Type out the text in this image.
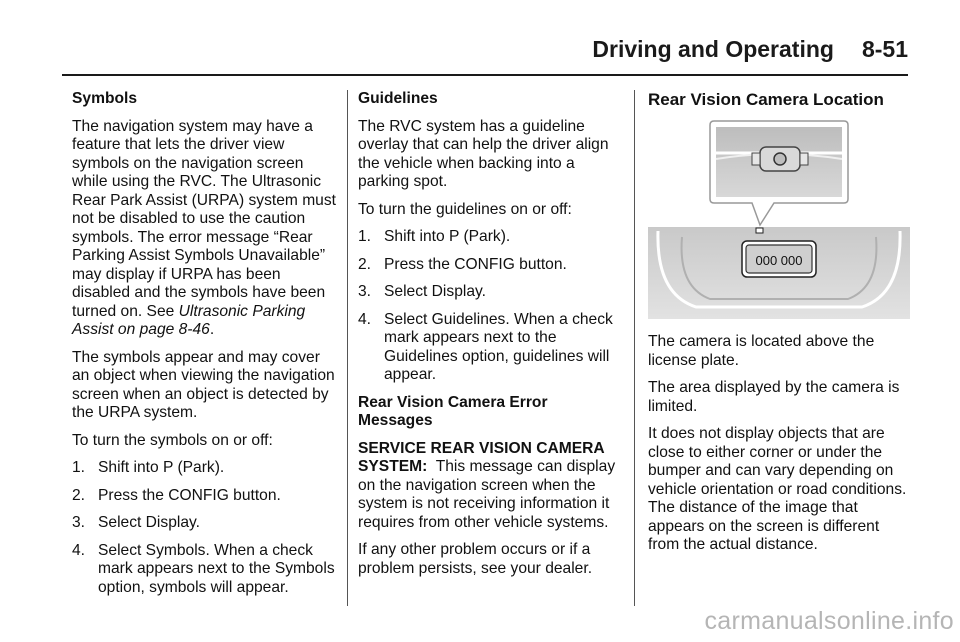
Driving and Operating 8-51

Symbols

The navigation system may have a feature that lets the driver view symbols on the navigation screen while using the RVC. The Ultrasonic Rear Park Assist (URPA) system must not be disabled to use the caution symbols. The error message “Rear Parking Assist Symbols Unavailable” may display if URPA has been disabled and the symbols have been turned on. See Ultrasonic Parking Assist on page 8-46.

The symbols appear and may cover an object when viewing the navigation screen when an object is detected by the URPA system.

To turn the symbols on or off:

1. Shift into P (Park).
2. Press the CONFIG button.
3. Select Display.
4. Select Symbols. When a check mark appears next to the Symbols option, symbols will appear.

Guidelines

The RVC system has a guideline overlay that can help the driver align the vehicle when backing into a parking spot.

To turn the guidelines on or off:

1. Shift into P (Park).
2. Press the CONFIG button.
3. Select Display.
4. Select Guidelines. When a check mark appears next to the Guidelines option, guidelines will appear.

Rear Vision Camera Error Messages

SERVICE REAR VISION CAMERA SYSTEM: This message can display on the navigation screen when the system is not receiving information it requires from other vehicle systems.

If any other problem occurs or if a problem persists, see your dealer.

Rear Vision Camera Location

000 000

The camera is located above the license plate.

The area displayed by the camera is limited.

It does not display objects that are close to either corner or under the bumper and can vary depending on vehicle orientation or road conditions. The distance of the image that appears on the screen is different from the actual distance.

carmanualsonline.info
